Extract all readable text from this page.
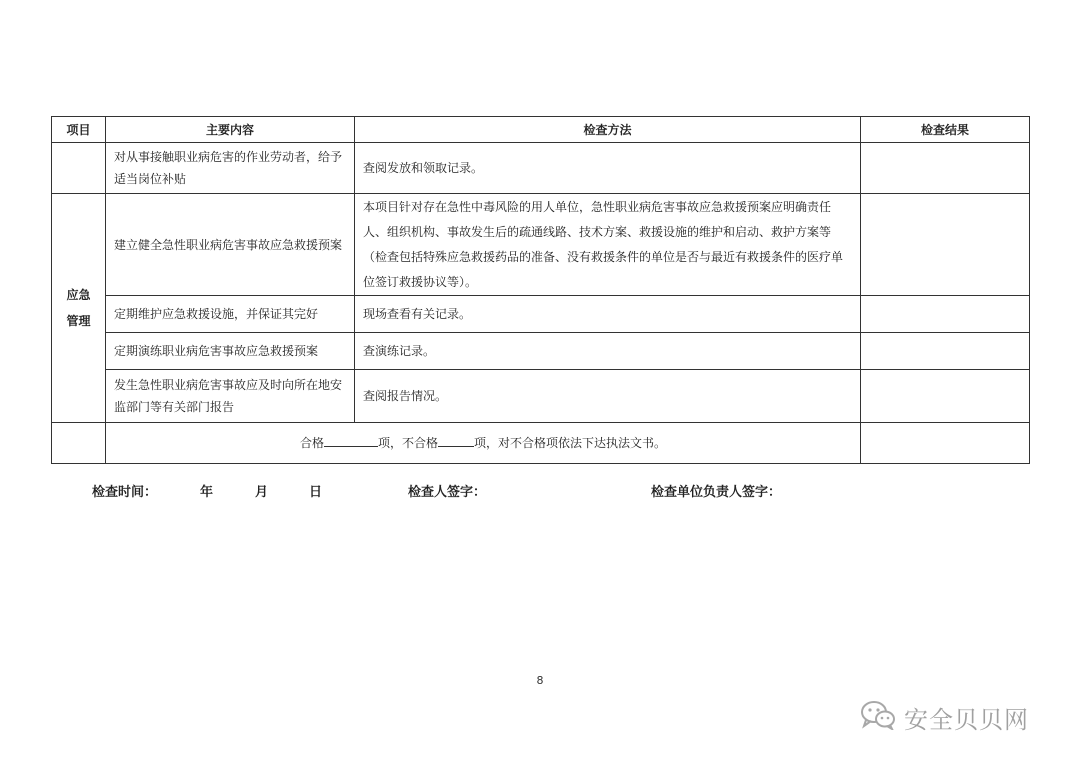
项目	主要内容	检查方法	检查结果
	对从事接触职业病危害的作业劳动者，给予适当岗位补贴	查阅发放和领取记录。	

应急
管理	建立健全急性职业病危害事故应急救援预案	本项目针对存在急性中毒风险的用人单位，急性职业病危害事故应急救援预案应明确责任人、组织机构、事故发生后的疏通线路、技术方案、救援设施的维护和启动、救护方案等（检查包括特殊应急救援药品的准备、没有救援条件的单位是否与最近有救援条件的医疗单位签订救援协议等）。	
	定期维护应急救援设施，并保证其完好	现场查看有关记录。	
	定期演练职业病危害事故应急救援预案	查演练记录。	
	发生急性职业病危害事故应及时向所在地安监部门等有关部门报告	查阅报告情况。	
	合格 项，不合格 项，对不合格项依法下达执法文书。		
检查时间：	年	月	日	检查人签字：	检查单位负责人签字：
8
安全贝贝网
